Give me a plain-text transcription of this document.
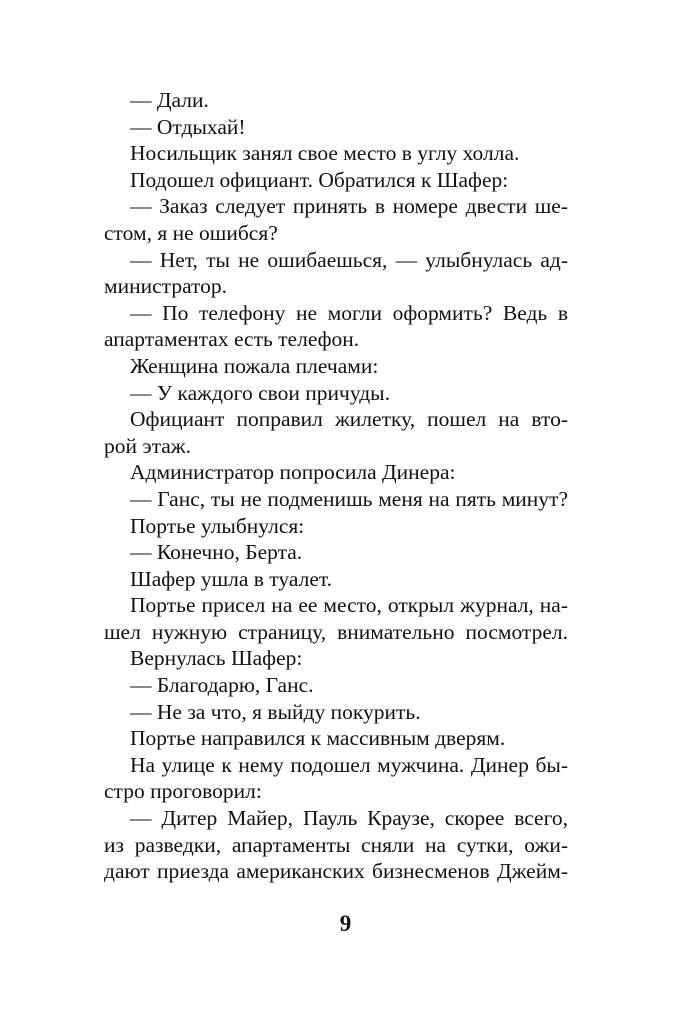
— Дали.
— Отдыхай!
Носильщик занял свое место в углу холла.
Подошел официант. Обратился к Шафер:
— Заказ следует принять в номере двести ше-
стом, я не ошибся?
— Нет, ты не ошибаешься, — улыбнулась ад-
министратор.
— По телефону не могли оформить? Ведь в
апартаментах есть телефон.
Женщина пожала плечами:
— У каждого свои причуды.
Официант поправил жилетку, пошел на вто-
рой этаж.
Администратор попросила Динера:
— Ганс, ты не подменишь меня на пять минут?
Портье улыбнулся:
— Конечно, Берта.
Шафер ушла в туалет.
Портье присел на ее место, открыл журнал, на-
шел нужную страницу, внимательно посмотрел.
Вернулась Шафер:
— Благодарю, Ганс.
— Не за что, я выйду покурить.
Портье направился к массивным дверям.
На улице к нему подошел мужчина. Динер бы-
стро проговорил:
— Дитер Майер, Пауль Краузе, скорее всего,
из разведки, апартаменты сняли на сутки, ожи-
дают приезда американских бизнесменов Джейм-
9
